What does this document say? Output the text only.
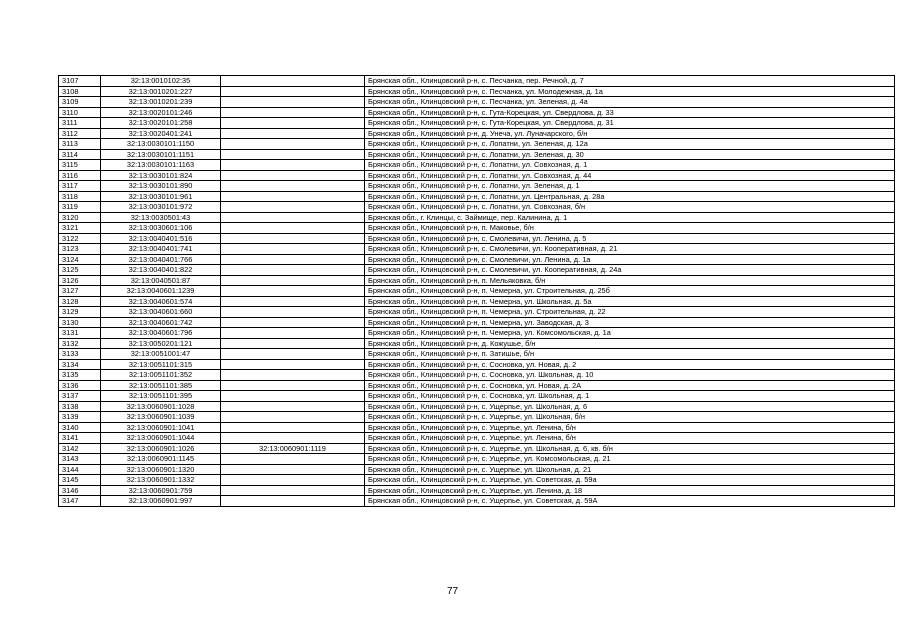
3107	32:13:0010102:35		Брянская обл., Клинцовский р-н, с. Песчанка, пер. Речной, д. 7
3108	32:13:0010201:227		Брянская обл., Клинцовский р-н, с. Песчанка, ул. Молодежная, д. 1а
3109	32:13:0010201:239		Брянская обл., Клинцовский р-н, с. Песчанка, ул. Зеленая, д. 4а
3110	32:13:0020101:246		Брянская обл., Клинцовский р-н, с. Гута-Корецкая, ул. Свердлова, д. 33
3111	32:13:0020101:258		Брянская обл., Клинцовский р-н, с. Гута-Корецкая, ул. Свердлова, д. 31
3112	32:13:0020401:241		Брянская обл., Клинцовский р-н, д. Унеча, ул. Луначарского, б/н
3113	32:13:0030101:1150		Брянская обл., Клинцовский р-н, с. Лопатни, ул. Зеленая, д. 12а
3114	32:13:0030101:1151		Брянская обл., Клинцовский р-н, с. Лопатни, ул. Зеленая, д. 30
3115	32:13:0030101:1163		Брянская обл., Клинцовский р-н, с. Лопатни, ул. Совхозная, д. 1
3116	32:13:0030101:824		Брянская обл., Клинцовский р-н, с. Лопатни, ул. Совхозная, д. 44
3117	32:13:0030101:890		Брянская обл., Клинцовский р-н, с. Лопатни, ул. Зеленая, д. 1
3118	32:13:0030101:961		Брянская обл., Клинцовский р-н, с. Лопатни, ул. Центральная, д. 28а
3119	32:13:0030101:972		Брянская обл., Клинцовский р-н, с. Лопатни, ул. Совхозная, б/н
3120	32:13:0030501:43		Брянская обл., г. Клинцы, с. Займище, пер. Калинина, д. 1
3121	32:13:0030601:106		Брянская обл., Клинцовский р-н, п. Маковье, б/н
3122	32:13:0040401:516		Брянская обл., Клинцовский р-н, с. Смолевичи, ул. Ленина, д. 5
3123	32:13:0040401:741		Брянская обл., Клинцовский р-н, с. Смолевичи, ул. Кооперативная, д. 21
3124	32:13:0040401:766		Брянская обл., Клинцовский р-н, с. Смолевичи, ул. Ленина, д. 1а
3125	32:13:0040401:822		Брянская обл., Клинцовский р-н, с. Смолевичи, ул. Кооперативная, д. 24а
3126	32:13:0040501:87		Брянская обл., Клинцовский р-н, п. Мельяковка, б/н
3127	32:13:0040601:1239		Брянская обл., Клинцовский р-н, п. Чемерна, ул. Строительная, д. 25б
3128	32:13:0040601:574		Брянская обл., Клинцовский р-н, п. Чемерна, ул. Школьная, д. 5а
3129	32:13:0040601:660		Брянская обл., Клинцовский р-н, п. Чемерна, ул. Строительная, д. 22
3130	32:13:0040601:742		Брянская обл., Клинцовский р-н, п. Чемерна, ул. Заводская, д. 3
3131	32:13:0040601:796		Брянская обл., Клинцовский р-н, п. Чемерна, ул. Комсомольская, д. 1а
3132	32:13:0050201:121		Брянская обл., Клинцовский р-н, д. Кожушье, б/н
3133	32:13:0051001:47		Брянская обл., Клинцовский р-н, п. Затишье, б/н
3134	32:13:0051101:315		Брянская обл., Клинцовский р-н, с. Сосновка, ул. Новая, д. 2
3135	32:13:0051101:352		Брянская обл., Клинцовский р-н, с. Сосновка, ул. Школьная, д. 10
3136	32:13:0051101:385		Брянская обл., Клинцовский р-н, с. Сосновка, ул. Новая, д. 2А
3137	32:13:0051101:395		Брянская обл., Клинцовский р-н, с. Сосновка, ул. Школьная, д. 1
3138	32:13:0060901:1028		Брянская обл., Клинцовский р-н, с. Ущерпье, ул. Школьная, д. 6
3139	32:13:0060901:1039		Брянская обл., Клинцовский р-н, с. Ущерпье, ул. Школьная, б/н
3140	32:13:0060901:1041		Брянская обл., Клинцовский р-н, с. Ущерпье, ул. Ленина, б/н
3141	32:13:0060901:1044		Брянская обл., Клинцовский р-н, с. Ущерпье, ул. Ленина, б/н
3142	32:13:0060901:1026	32:13:0060901:1119	Брянская обл., Клинцовский р-н, с. Ущерпье, ул. Школьная, д. 6, кв. б/н
3143	32:13:0060901:1145		Брянская обл., Клинцовский р-н, с. Ущерпье, ул. Комсомольская, д. 21
3144	32:13:0060901:1320		Брянская обл., Клинцовский р-н, с. Ущерпье, ул. Школьная, д. 21
3145	32:13:0060901:1332		Брянская обл., Клинцовский р-н, с. Ущерпье, ул. Советская, д. 59а
3146	32:13:0060901:759		Брянская обл., Клинцовский р-н, с. Ущерпье, ул. Ленина, д. 18
3147	32:13:0060901:997		Брянская обл., Клинцовский р-н, с. Ущерпье, ул. Советская, д. 59А
77
